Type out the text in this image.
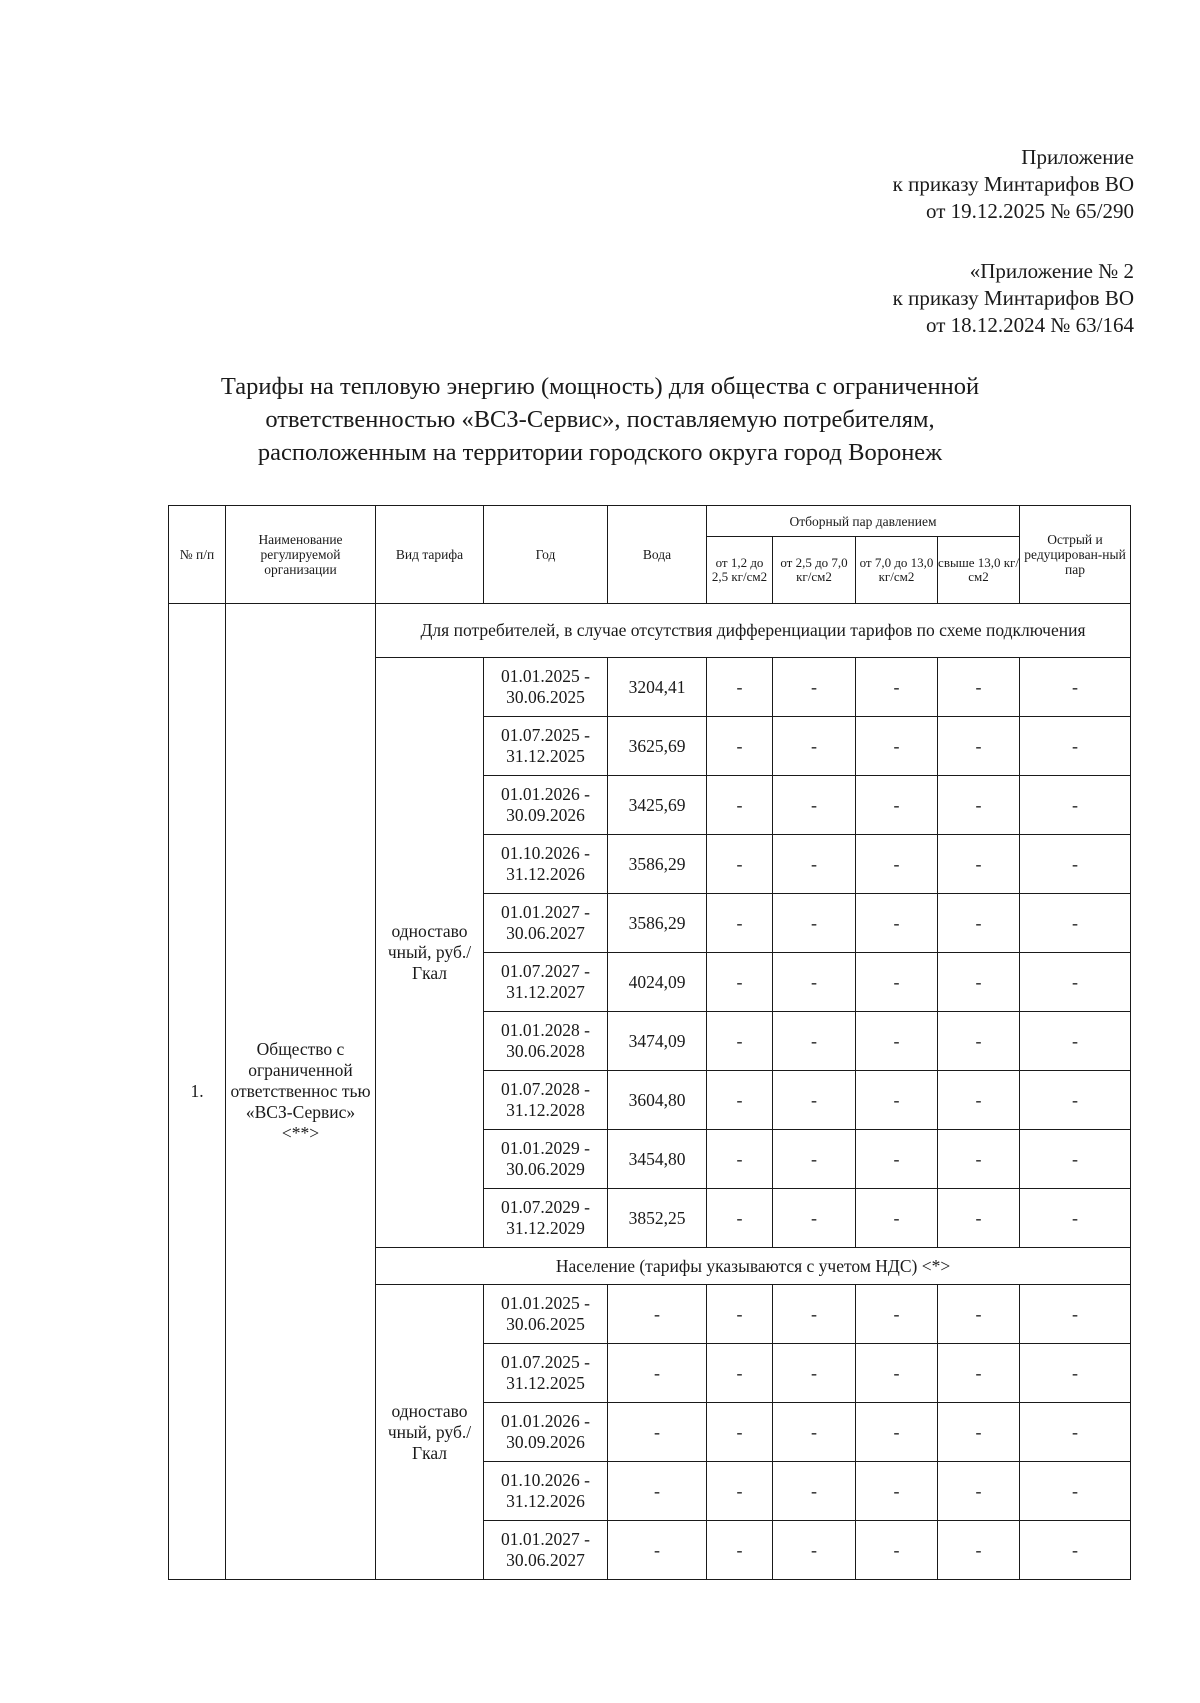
Приложение
к приказу Минтарифов ВО
от 19.12.2025 № 65/290
«Приложение № 2
к приказу Минтарифов ВО
от 18.12.2024 № 63/164
Тарифы на тепловую энергию (мощность) для общества с ограниченной
ответственностью «ВСЗ-Сервис», поставляемую потребителям,
расположенным на территории городского округа город Воронеж
№ п/п	Наименование регулируемой организации	Вид тарифа	Год	Вода	Отборный пар давлением				Острый и редуцирован-ный пар
					от 1,2 до 2,5 кг/см2	от 2,5 до 7,0 кг/см2	от 7,0 до 13,0 кг/см2	свыше 13,0 кг/см2	
1.	Общество с ограниченной ответственнос тью «ВСЗ-Сервис» <**>	Для потребителей, в случае отсутствия дифференциации тарифов по схеме подключения							
		одноставо чный, руб./Гкал	01.01.2025 - 30.06.2025	3204,41	-	-	-	-	-
			01.07.2025 - 31.12.2025	3625,69	-	-	-	-	-
			01.01.2026 - 30.09.2026	3425,69	-	-	-	-	-
			01.10.2026 - 31.12.2026	3586,29	-	-	-	-	-
			01.01.2027 - 30.06.2027	3586,29	-	-	-	-	-
			01.07.2027 - 31.12.2027	4024,09	-	-	-	-	-
			01.01.2028 - 30.06.2028	3474,09	-	-	-	-	-
			01.07.2028 - 31.12.2028	3604,80	-	-	-	-	-
			01.01.2029 - 30.06.2029	3454,80	-	-	-	-	-
			01.07.2029 - 31.12.2029	3852,25	-	-	-	-	-
		Население (тарифы указываются с учетом НДС) <*>							
		одноставо чный, руб./Гкал	01.01.2025 - 30.06.2025	-	-	-	-	-	-
			01.07.2025 - 31.12.2025	-	-	-	-	-	-
			01.01.2026 - 30.09.2026	-	-	-	-	-	-
			01.10.2026 - 31.12.2026	-	-	-	-	-	-
			01.01.2027 - 30.06.2027	-	-	-	-	-	-
